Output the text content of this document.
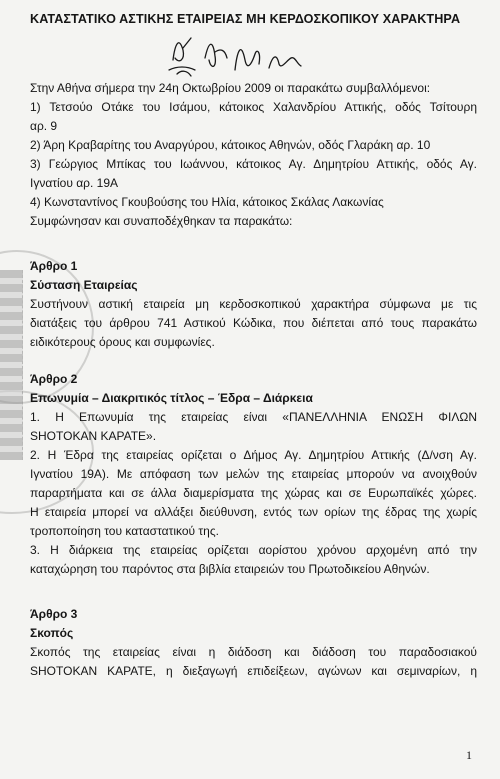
ΚΑΤΑΣΤΑΤΙΚΟ ΑΣΤΙΚΗΣ ΕΤΑΙΡΕΙΑΣ ΜΗ ΚΕΡΔΟΣΚΟΠΙΚΟΥ ΧΑΡΑΚΤΗΡΑ

Στην Αθήνα σήμερα την 24η Οκτωβρίου 2009 οι παρακάτω συμβαλλόμενοι:

1) Τετσούο Οτάκε του Ισάμου, κάτοικος Χαλανδρίου Αττικής, οδός Τσίτουρη

αρ. 9

2) Άρη Κραβαρίτης του Αναργύρου, κάτοικος Αθηνών, οδός Γλαράκη αρ. 10

3) Γεώργιος Μπίκας του Ιωάννου, κάτοικος Αγ. Δημητρίου Αττικής, οδός Αγ.

Ιγνατίου αρ. 19Α

4) Κωνσταντίνος Γκουβούσης του Ηλία, κάτοικος Σκάλας Λακωνίας

Συμφώνησαν και συναποδέχθηκαν τα παρακάτω:

Άρθρο 1

Σύσταση Εταιρείας

Συστήνουν αστική εταιρεία μη κερδοσκοπικού χαρακτήρα σύμφωνα με τις

διατάξεις του άρθρου 741 Αστικού Κώδικα, που διέπεται από τους παρακάτω

ειδικότερους όρους και συμφωνίες.

Άρθρο 2

Επωνυμία – Διακριτικός τίτλος – Έδρα – Διάρκεια

1. Η Επωνυμία της εταιρείας είναι «ΠΑΝΕΛΛΗΝΙΑ ΕΝΩΣΗ ΦΙΛΩΝ

SHOTOKAN ΚΑΡΑΤΕ».

2. Η Έδρα της εταιρείας ορίζεται ο Δήμος Αγ. Δημητρίου Αττικής (Δ/νση Αγ.

Ιγνατίου 19Α). Με απόφαση των μελών της εταιρείας μπορούν να ανοιχθούν

παραρτήματα και σε άλλα διαμερίσματα της χώρας και σε Ευρωπαϊκές χώρες.

Η εταιρεία μπορεί να αλλάξει διεύθυνση, εντός των ορίων της έδρας της χωρίς

τροποποίηση του καταστατικού της.

3. Η διάρκεια της εταιρείας ορίζεται αορίστου χρόνου αρχομένη από την

καταχώρηση του παρόντος στα βιβλία εταιρειών του Πρωτοδικείου Αθηνών.

Άρθρο 3

Σκοπός

Σκοπός της εταιρείας είναι η διάδοση και διάδοση του παραδοσιακού

SHOTOKAN ΚΑΡΑΤΕ, η διεξαγωγή επιδείξεων, αγώνων και σεμιναρίων, η

1
